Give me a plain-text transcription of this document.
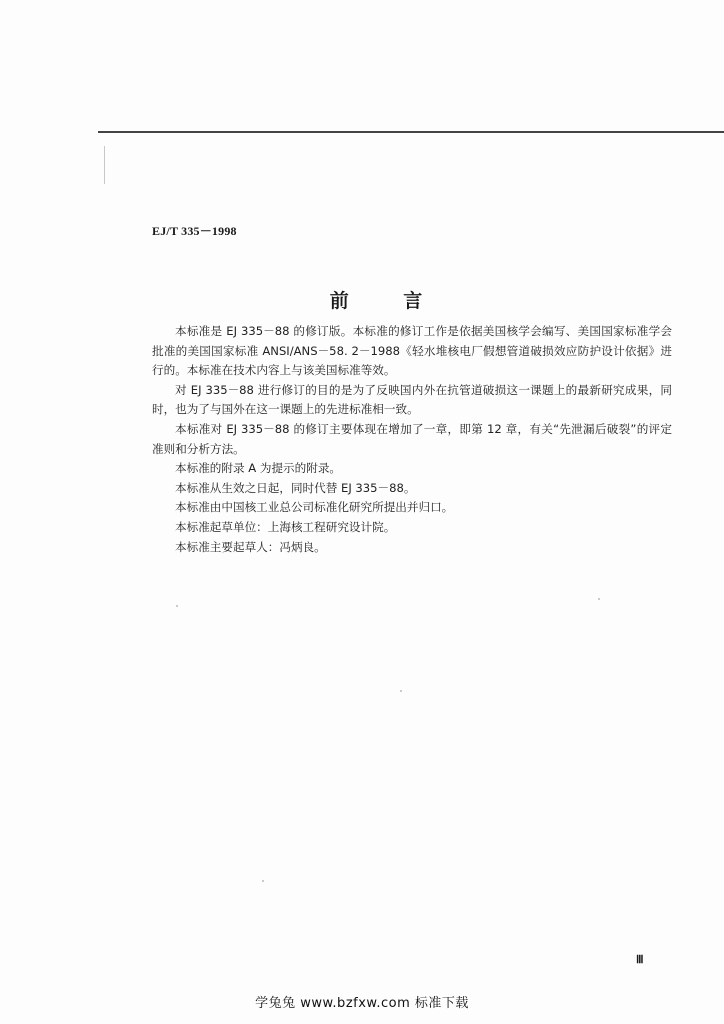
EJ/T 335－1998
前 言

本标准是 EJ 335－88 的修订版。本标准的修订工作是依据美国核学会编写、美国国家标准学会批准的美国国家标准 ANSI/ANS－58. 2－1988《轻水堆核电厂假想管道破损效应防护设计依据》进行的。本标准在技术内容上与该美国标准等效。

对 EJ 335－88 进行修订的目的是为了反映国内外在抗管道破损这一课题上的最新研究成果，同时，也为了与国外在这一课题上的先进标准相一致。

本标准对 EJ 335－88 的修订主要体现在增加了一章，即第 12 章，有关“先泄漏后破裂”的评定准则和分析方法。

本标准的附录 A 为提示的附录。

本标准从生效之日起，同时代替 EJ 335－88。

本标准由中国核工业总公司标准化研究所提出并归口。

本标准起草单位：上海核工程研究设计院。

本标准主要起草人：冯炳良。

Ⅲ
学兔兔 www.bzfxw.com 标准下载
